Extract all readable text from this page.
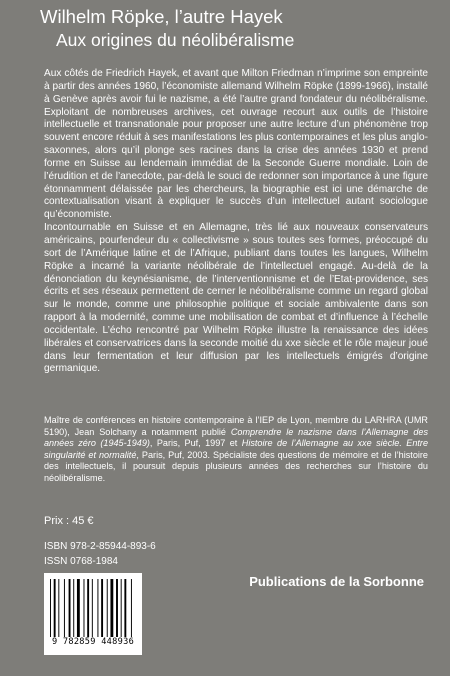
Wilhelm Röpke, l’autre Hayek
Aux origines du néolibéralisme

Aux côtés de Friedrich Hayek, et avant que Milton Friedman n’imprime son empreinte à partir des années 1960, l’économiste allemand Wilhelm Röpke (1899-1966), installé à Genève après avoir fui le nazisme, a été l’autre grand fondateur du néolibéralisme. Exploitant de nombreuses archives, cet ouvrage recourt aux outils de l’histoire intellectuelle et transnationale pour proposer une autre lecture d’un phénomène trop souvent encore réduit à ses manifestations les plus contemporaines et les plus anglo-saxonnes, alors qu’il plonge ses racines dans la crise des années 1930 et prend forme en Suisse au lendemain immédiat de la Seconde Guerre mondiale. Loin de l’érudition et de l’anecdote, par-delà le souci de redonner son importance à une figure étonnamment délaissée par les chercheurs, la biographie est ici une démarche de contextualisation visant à expliquer le succès d’un intellectuel autant sociologue qu’économiste.

Incontournable en Suisse et en Allemagne, très lié aux nouveaux conservateurs américains, pourfendeur du « collectivisme » sous toutes ses formes, préoccupé du sort de l’Amérique latine et de l’Afrique, publiant dans toutes les langues, Wilhelm Röpke a incarné la variante néolibérale de l’intellectuel engagé. Au-delà de la dénonciation du keynésianisme, de l’interventionnisme et de l’Etat-providence, ses écrits et ses réseaux permettent de cerner le néolibéralisme comme un regard global sur le monde, comme une philosophie politique et sociale ambivalente dans son rapport à la modernité, comme une mobilisation de combat et d’influence à l’échelle occidentale. L’écho rencontré par Wilhelm Röpke illustre la renaissance des idées libérales et conservatrices dans la seconde moitié du xxe siècle et le rôle majeur joué dans leur fermentation et leur diffusion par les intellectuels émigrés d’origine germanique.

Maître de conférences en histoire contemporaine à l’IEP de Lyon, membre du LARHRA (UMR 5190), Jean Solchany a notamment publié Comprendre le nazisme dans l’Allemagne des années zéro (1945-1949), Paris, Puf, 1997 et Histoire de l’Allemagne au xxe siècle. Entre singularité et normalité, Paris, Puf, 2003. Spécialiste des questions de mémoire et de l’histoire des intellectuels, il poursuit depuis plusieurs années des recherches sur l’histoire du néolibéralisme.

Prix : 45 €
ISBN 978-2-85944-893-6
ISSN 0768-1984
9 782859 448936
Publications de la Sorbonne
